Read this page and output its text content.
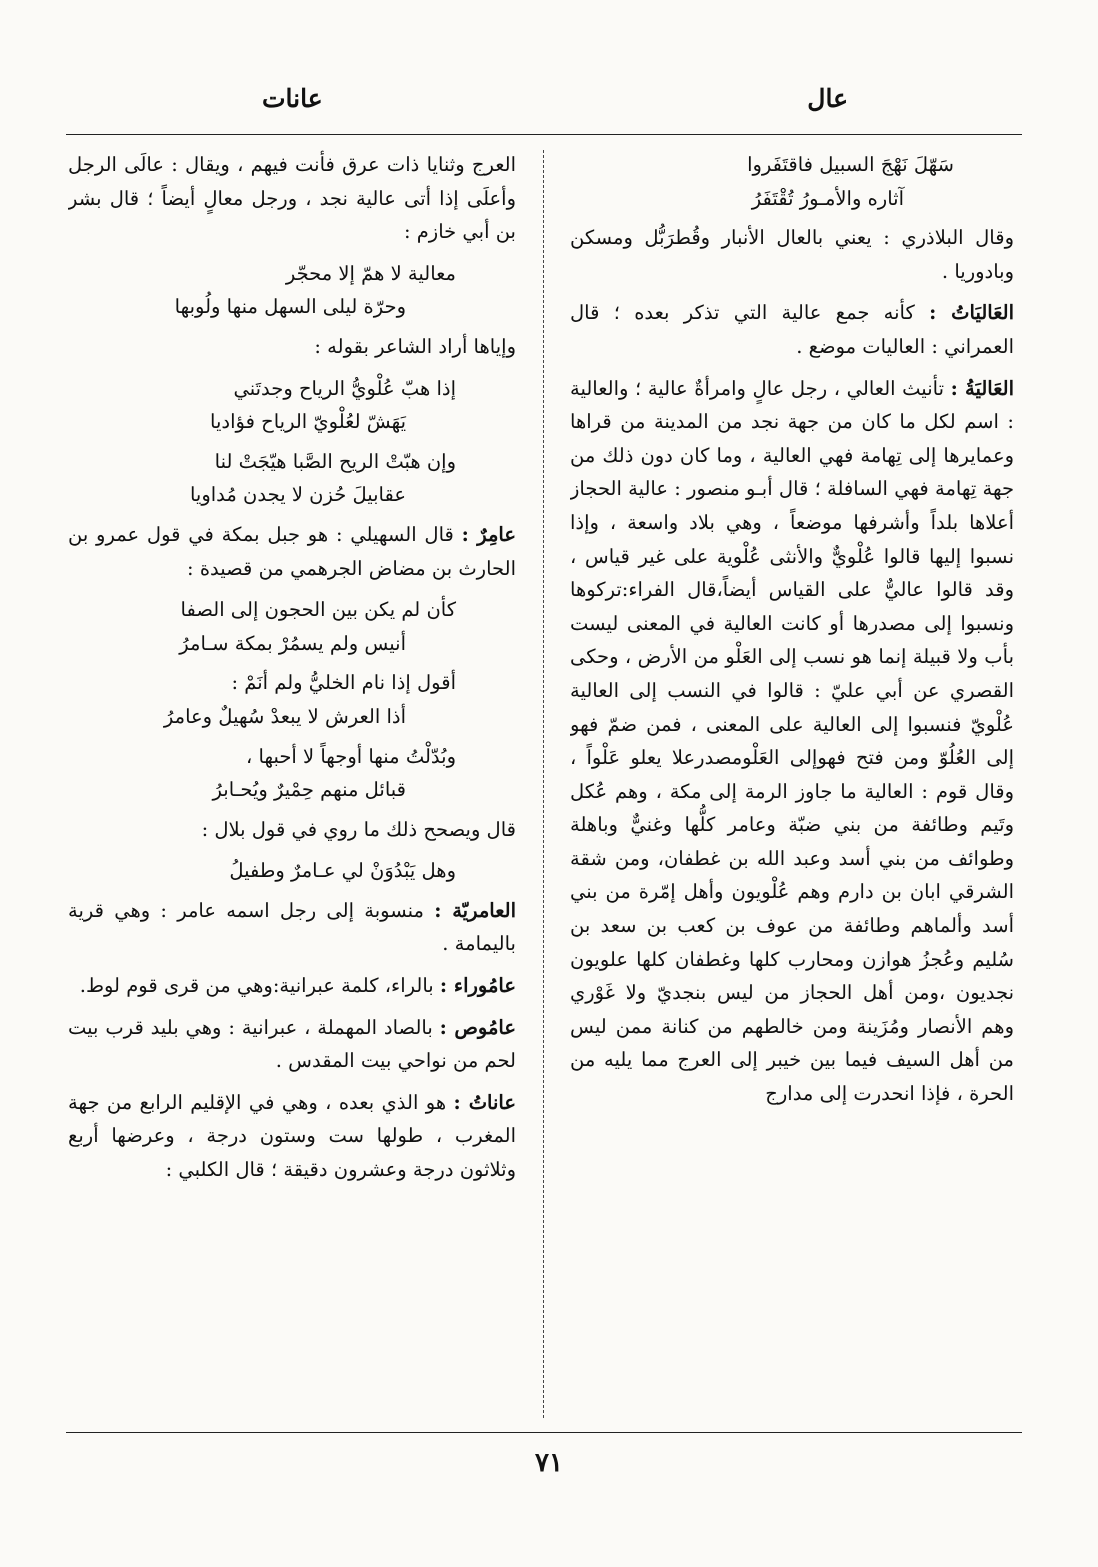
عال
عانات

سَهّلَ نَهْجَ السبيل فاقتَفَروا

آثاره والأمـورُ تُقْتَفَرُ

وقال البلاذري : يعني بالعال الأنبار وقُطرَبُّل ومسكن وبادوريا .

العَاليَاتُ : كأنه جمع عالية التي تذكر بعده ؛ قال العمراني : العاليات موضع .

العَاليَةُ : تأنيث العالي ، رجل عالٍ وامرأةٌ عالية ؛ والعالية : اسم لكل ما كان من جهة نجد من المدينة من قراها وعمايرها إلى تِهامة فهي العالية ، وما كان دون ذلك من جهة تِهامة فهي السافلة ؛ قال أبـو منصور : عالية الحجاز أعلاها بلداً وأشرفها موضعاً ، وهي بلاد واسعة ، وإذا نسبوا إليها قالوا عُلْويٌّ والأنثى عُلْوية على غير قياس ، وقد قالوا عاليٌّ على القياس أيضاً،قال الفراء:تركوها ونسبوا إلى مصدرها أو كانت العالية في المعنى ليست بأب ولا قبيلة إنما هو نسب إلى العَلْو من الأرض ، وحكى القصري عن أبي عليّ : قالوا في النسب إلى العالية عُلْويّ فنسبوا إلى العالية على المعنى ، فمن ضمّ فهو إلى العُلُوّ ومن فتح فهوإلى العَلْومصدرعلا يعلو عَلْواً ، وقال قوم : العالية ما جاوز الرمة إلى مكة ، وهم عُكل وتَيم وطائفة من بني ضبّة وعامر كلُّها وغنيٌّ وباهلة وطوائف من بني أسد وعبد الله بن غطفان، ومن شقة الشرقي ابان بن دارم وهم عُلْويون وأهل إمّرة من بني أسد وألماهم وطائفة من عوف بن كعب بن سعد بن سُليم وعُجزُ هوازن ومحارب كلها وغطفان كلها علويون نجديون ،ومن أهل الحجاز من ليس بنجديّ ولا غَوْري وهم الأنصار ومُزَينة ومن خالطهم من كنانة ممن ليس من أهل السيف فيما بين خيبر إلى العرج مما يليه من الحرة ، فإذا انحدرت إلى مدارج

العرج وثنايا ذات عرق فأنت فيهم ، ويقال : عالَى الرجل وأعلَى إذا أتى عالية نجد ، ورجل معالٍ أيضاً ؛ قال بشر بن أبي خازم :

معالية لا همّ إلا محجّر

وحرّة ليلى السهل منها ولُوبها

وإياها أراد الشاعر بقوله :

إذا هبّ عُلْويُّ الرياح وجدتَني

يَهَشّ لعُلْويّ الرياح فؤاديا

وإن هبّتْ الريح الصَّبا هيّجَتْ لنا

عقابيلَ حُزن لا يجدن مُداويا

عامِرٌ : قال السهيلي : هو جبل بمكة في قول عمرو بن الحارث بن مضاض الجرهمي من قصيدة :

كأن لم يكن بين الحجون إلى الصفا

أنيس ولم يسمُرْ بمكة سـامرُ

أقول إذا نام الخليُّ ولم أنَمْ :

أذا العرش لا يبعدْ سُهيلٌ وعامرُ

وبُدّلْتُ منها أوجهاً لا أحبها ،

قبائل منهم حِمْيرٌ ويُحـابرُ

قال ويصحح ذلك ما روي في قول بلال :

وهل يَبْدُوَنْ لي عـامرٌ وطفيلُ

العامريّة : منسوبة إلى رجل اسمه عامر : وهي قرية باليمامة .

عامُوراء : بالراء، كلمة عبرانية:وهي من قرى قوم لوط.

عامُوص : بالصاد المهملة ، عبرانية : وهي بليد قرب بيت لحم من نواحي بيت المقدس .

عاناتُ : هو الذي بعده ، وهي في الإقليم الرابع من جهة المغرب ، طولها ست وستون درجة ، وعرضها أربع وثلاثون درجة وعشرون دقيقة ؛ قال الكلبي :

٧١
